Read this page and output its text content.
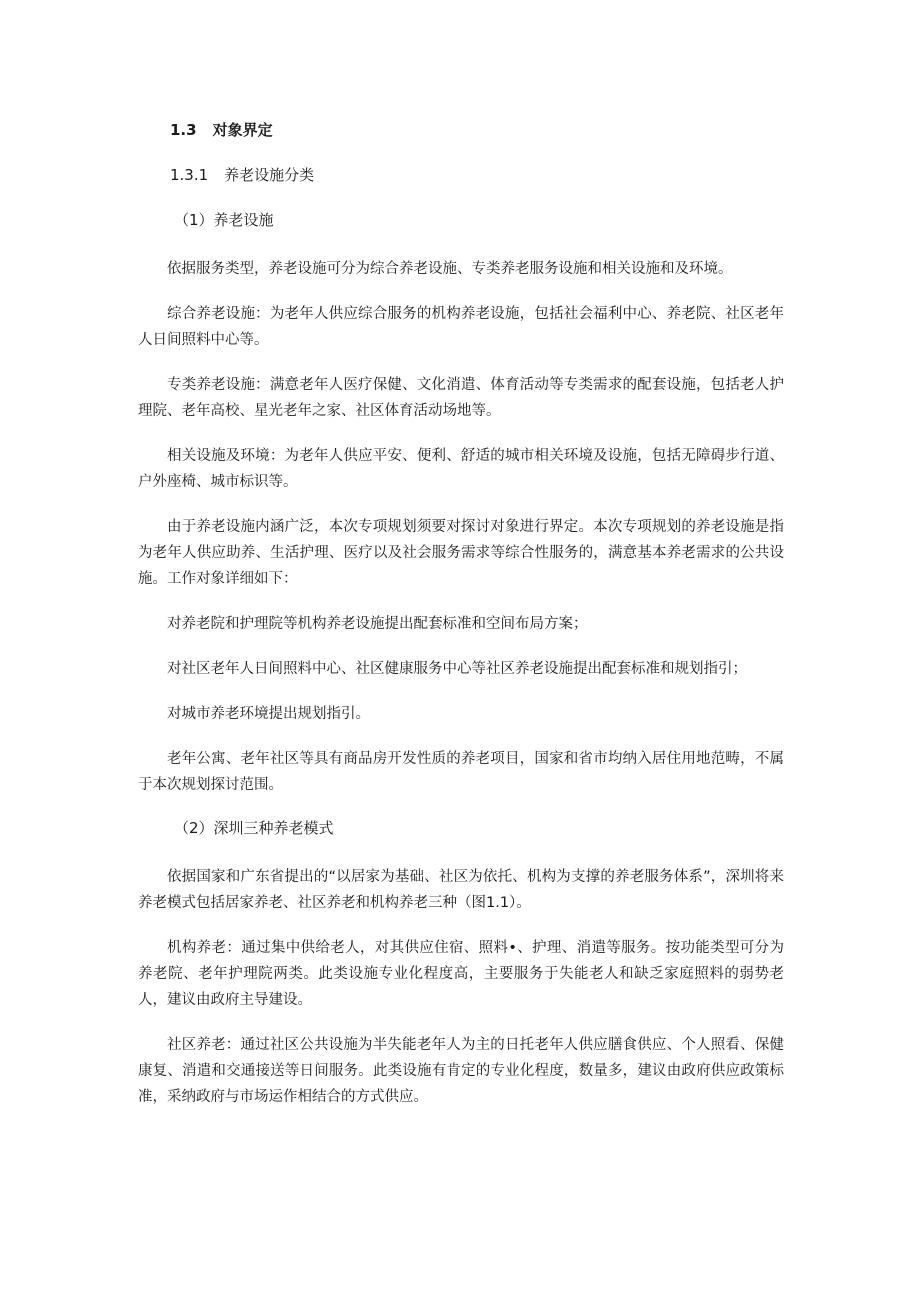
1.3 对象界定
1.3.1 养老设施分类
（1）养老设施

依据服务类型，养老设施可分为综合养老设施、专类养老服务设施和相关设施和及环境。

综合养老设施：为老年人供应综合服务的机构养老设施，包括社会福利中心、养老院、社区老年人日间照料中心等。

专类养老设施：满意老年人医疗保健、文化消遣、体育活动等专类需求的配套设施，包括老人护理院、老年高校、星光老年之家、社区体育活动场地等。

相关设施及环境：为老年人供应平安、便利、舒适的城市相关环境及设施，包括无障碍步行道、户外座椅、城市标识等。

由于养老设施内涵广泛，本次专项规划须要对探讨对象进行界定。本次专项规划的养老设施是指为老年人供应助养、生活护理、医疗以及社会服务需求等综合性服务的，满意基本养老需求的公共设施。工作对象详细如下：

对养老院和护理院等机构养老设施提出配套标准和空间布局方案；

对社区老年人日间照料中心、社区健康服务中心等社区养老设施提出配套标准和规划指引；

对城市养老环境提出规划指引。

老年公寓、老年社区等具有商品房开发性质的养老项目，国家和省市均纳入居住用地范畴，不属于本次规划探讨范围。

（2）深圳三种养老模式

依据国家和广东省提出的“以居家为基础、社区为依托、机构为支撑的养老服务体系”，深圳将来养老模式包括居家养老、社区养老和机构养老三种（图1.1）。

机构养老：通过集中供给老人，对其供应住宿、照料•、护理、消遣等服务。按功能类型可分为养老院、老年护理院两类。此类设施专业化程度高，主要服务于失能老人和缺乏家庭照料的弱势老人，建议由政府主导建设。

社区养老：通过社区公共设施为半失能老年人为主的日托老年人供应膳食供应、个人照看、保健康复、消遣和交通接送等日间服务。此类设施有肯定的专业化程度，数量多，建议由政府供应政策标准，采纳政府与市场运作相结合的方式供应。
